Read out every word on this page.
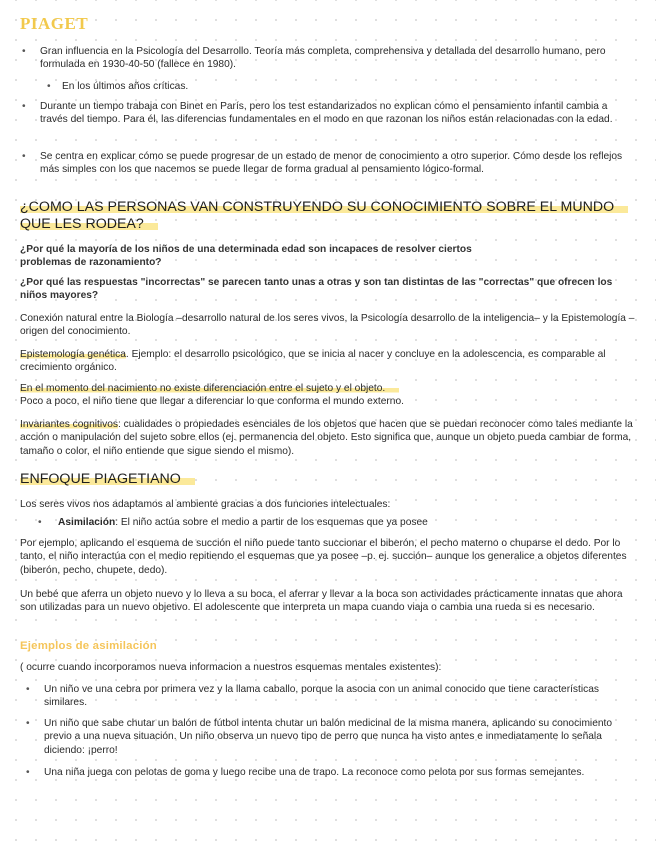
PIAGET
• Gran influencia en la Psicología del Desarrollo. Teoría más completa, comprehensiva y detallada del desarrollo humano, pero formulada en 1930-40-50 (fallece en 1980).
• En los últimos años críticas.
• Durante un tiempo trabaja con Binet en París, pero los test estandarizados no explican cómo el pensamiento infantil cambia a través del tiempo. Para él, las diferencias fundamentales en el modo en que razonan los niños están relacionadas con la edad.
• Se centra en explicar cómo se puede progresar de un estado de menor de conocimiento a otro superior. Cómo desde los reflejos más simples con los que nacemos se puede llegar de forma gradual al pensamiento lógico-formal.
¿COMO LAS PERSONAS VAN CONSTRUYENDO SU CONOCIMIENTO SOBRE EL MUNDO QUE LES RODEA?
¿Por qué la mayoría de los niños de una determinada edad son incapaces de resolver ciertos problemas de razonamiento?
¿Por qué las respuestas "incorrectas" se parecen tanto unas a otras y son tan distintas de las "correctas" que ofrecen los niños mayores?
Conexión natural entre la Biología –desarrollo natural de los seres vivos, la Psicología desarrollo de la inteligencia– y la Epistemología –origen del conocimiento.
Epistemología genética. Ejemplo: el desarrollo psicológico, que se inicia al nacer y concluye en la adolescencia, es comparable al crecimiento orgánico.
En el momento del nacimiento no existe diferenciación entre el sujeto y el objeto.
Poco a poco, el niño tiene que llegar a diferenciar lo que conforma el mundo externo.
Invariantes cognitivos: cualidades o propiedades esenciales de los objetos que hacen que se puedan reconocer como tales mediante la acción o manipulación del sujeto sobre ellos (ej. permanencia del objeto. Esto significa que, aunque un objeto pueda cambiar de forma, tamaño o color, el niño entiende que sigue siendo el mismo).
ENFOQUE PIAGETIANO
Los seres vivos nos adaptamos al ambiente gracias a dos funciones intelectuales:
• Asimilación: El niño actúa sobre el medio a partir de los esquemas que ya posee
Por ejemplo, aplicando el esquema de succión el niño puede tanto succionar el biberón, el pecho materno o chuparse el dedo. Por lo tanto, el niño interactúa con el medio repitiendo el esquemas que ya posee –p. ej. succión– aunque los generalice a objetos diferentes (biberón, pecho, chupete, dedo).
Un bebé que aferra un objeto nuevo y lo lleva a su boca, el aferrar y llevar a la boca son actividades prácticamente innatas que ahora son utilizadas para un nuevo objetivo. El adolescente que interpreta un mapa cuando viaja o cambia una rueda si es necesario.
Ejemplos de asimilación
( ocurre cuando incorporamos nueva informacion a nuestros esquemas mentales existentes):
• Un niño ve una cebra por primera vez y la llama caballo, porque la asocia con un animal conocido que tiene características similares.
• Un niño que sabe chutar un balón de fútbol intenta chutar un balón medicinal de la misma manera, aplicando su conocimiento previo a una nueva situación. Un niño observa un nuevo tipo de perro que nunca ha visto antes e inmediatamente lo señala diciendo: ¡perro!
• Una niña juega con pelotas de goma y luego recibe una de trapo. La reconoce como pelota por sus formas semejantes.
